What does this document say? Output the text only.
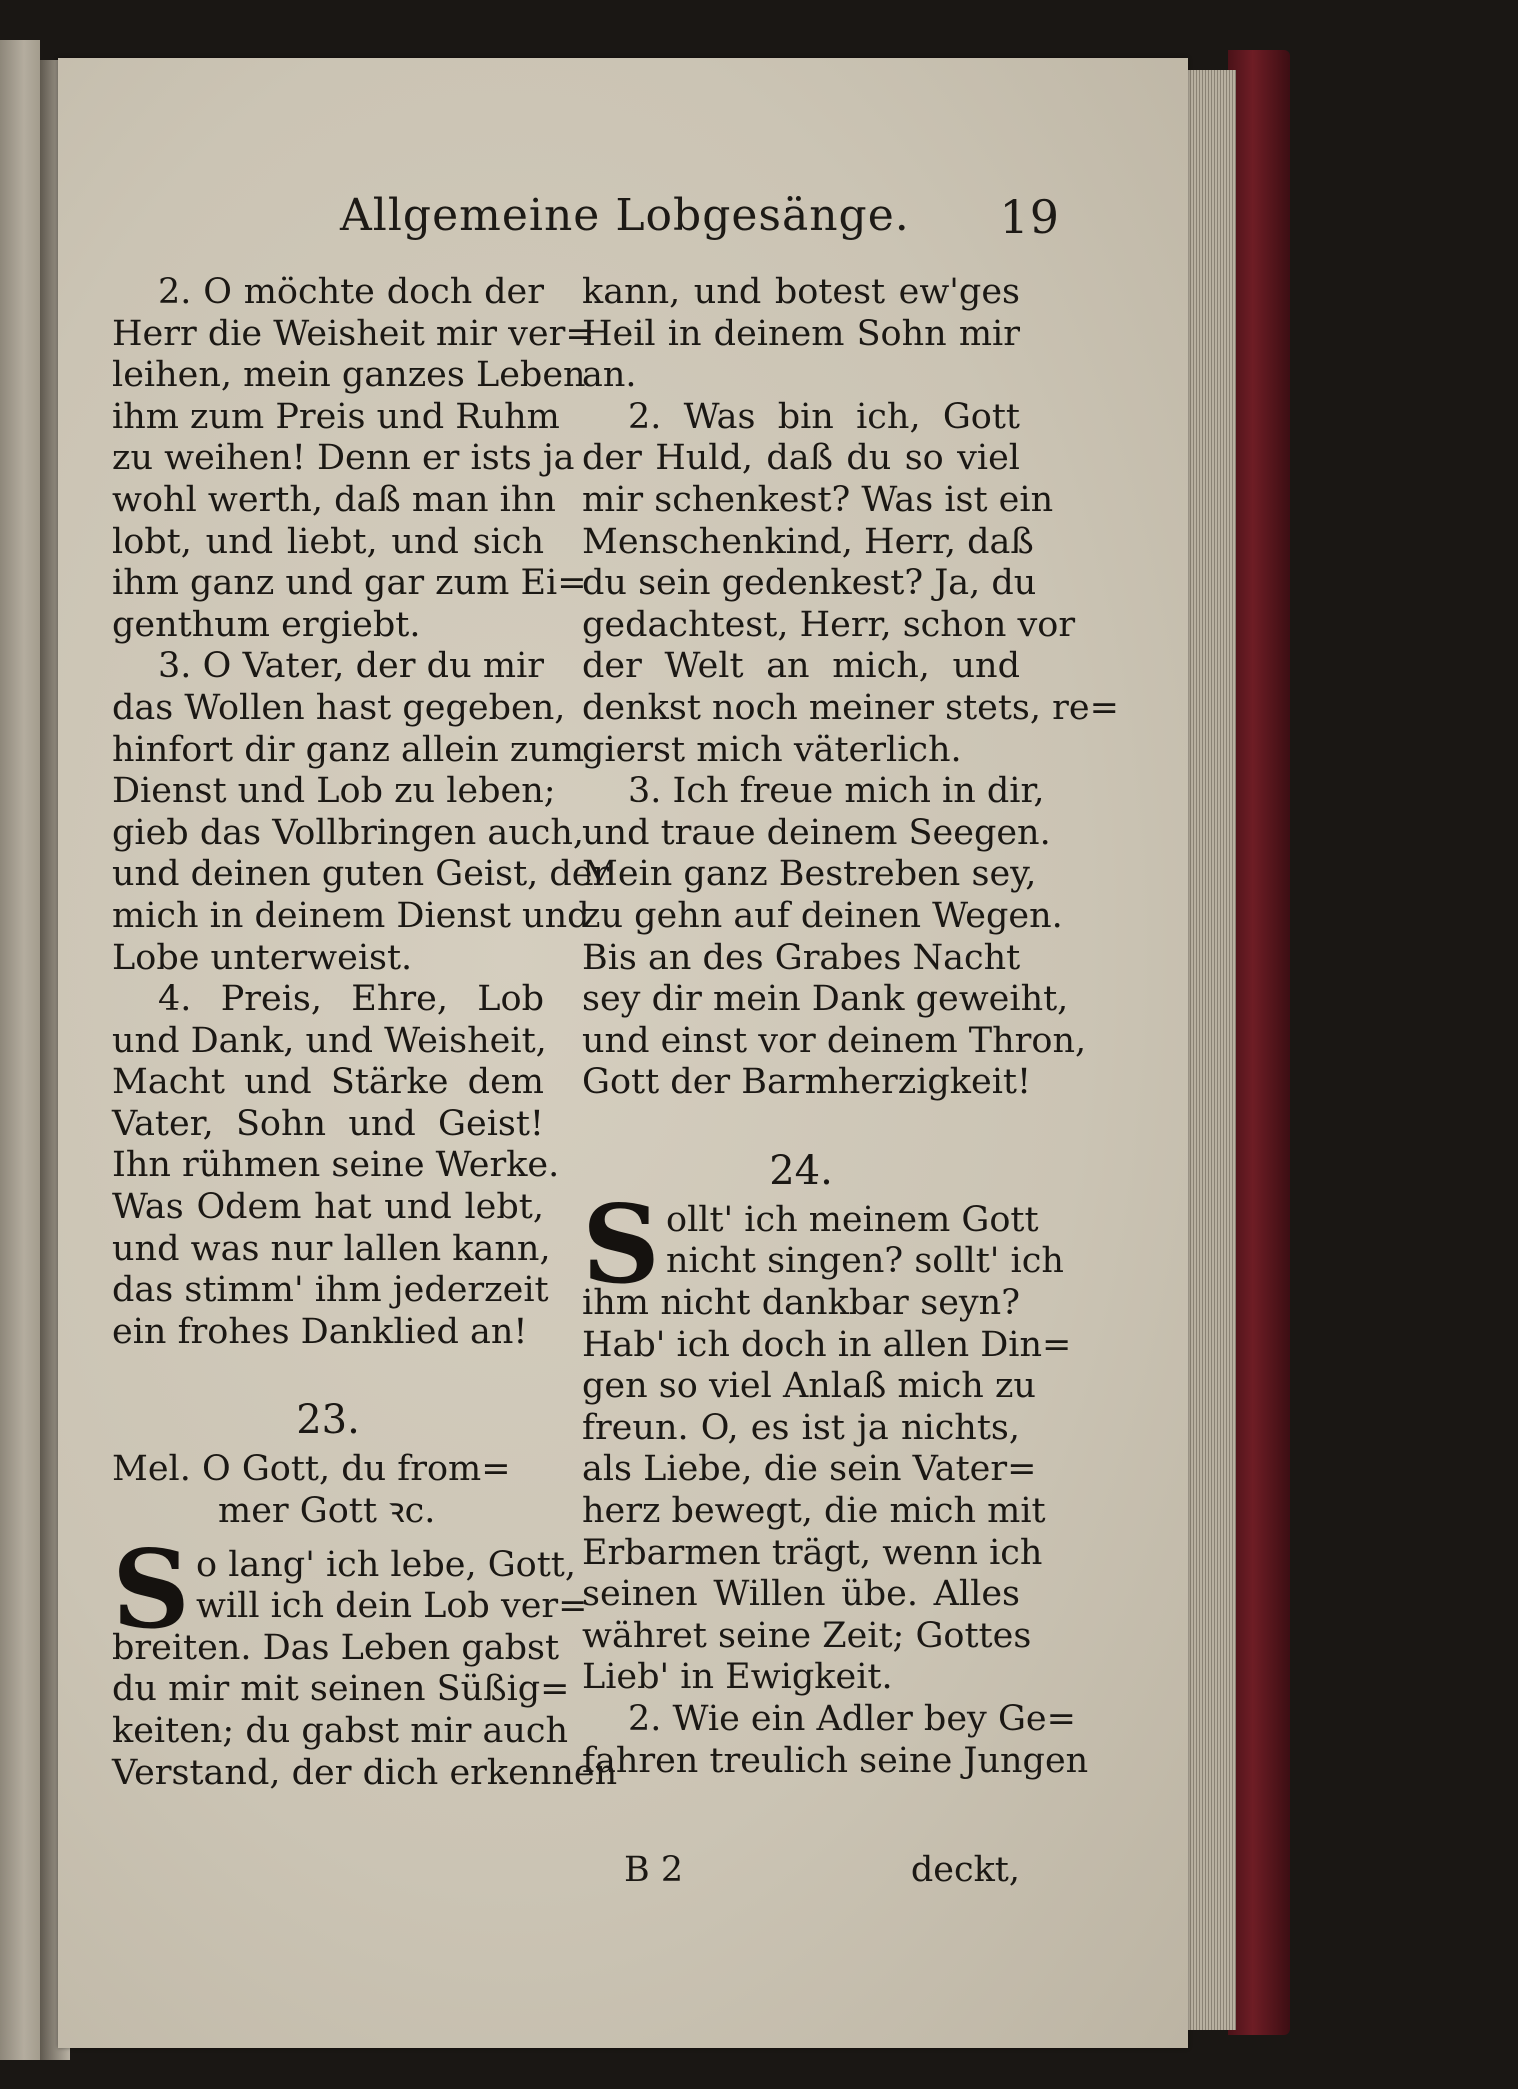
Allgemeine Lobgesänge. 19
2. O möchte doch der
Herr die Weisheit mir ver=
leihen, mein ganzes Leben
ihm zum Preis und Ruhm
zu weihen! Denn er ists ja
wohl werth, daß man ihn
lobt, und liebt, und sich
ihm ganz und gar zum Ei=
genthum ergiebt.
3. O Vater, der du mir
das Wollen hast gegeben,
hinfort dir ganz allein zum
Dienst und Lob zu leben;
gieb das Vollbringen auch,
und deinen guten Geist, der
mich in deinem Dienst und
Lobe unterweist.
4. Preis, Ehre, Lob
und Dank, und Weisheit,
Macht und Stärke dem
Vater, Sohn und Geist!
Ihn rühmen seine Werke.
Was Odem hat und lebt,
und was nur lallen kann,
das stimm' ihm jederzeit
ein frohes Danklied an!
23.
Mel. O Gott, du from=
mer Gott ꝛc.
S o lang' ich lebe, Gott,
will ich dein Lob ver=
breiten. Das Leben gabst
du mir mit seinen Süßig=
keiten; du gabst mir auch
Verstand, der dich erkennen
kann, und botest ew'ges
Heil in deinem Sohn mir
an.
2. Was bin ich, Gott
der Huld, daß du so viel
mir schenkest? Was ist ein
Menschenkind, Herr, daß
du sein gedenkest? Ja, du
gedachtest, Herr, schon vor
der Welt an mich, und
denkst noch meiner stets, re=
gierst mich väterlich.
3. Ich freue mich in dir,
und traue deinem Seegen.
Mein ganz Bestreben sey,
zu gehn auf deinen Wegen.
Bis an des Grabes Nacht
sey dir mein Dank geweiht,
und einst vor deinem Thron,
Gott der Barmherzigkeit!
24.
S ollt' ich meinem Gott
nicht singen? sollt' ich
ihm nicht dankbar seyn?
Hab' ich doch in allen Din=
gen so viel Anlaß mich zu
freun. O, es ist ja nichts,
als Liebe, die sein Vater=
herz bewegt, die mich mit
Erbarmen trägt, wenn ich
seinen Willen übe. Alles
währet seine Zeit; Gottes
Lieb' in Ewigkeit.
2. Wie ein Adler bey Ge=
fahren treulich seine Jungen
B 2	deckt,
